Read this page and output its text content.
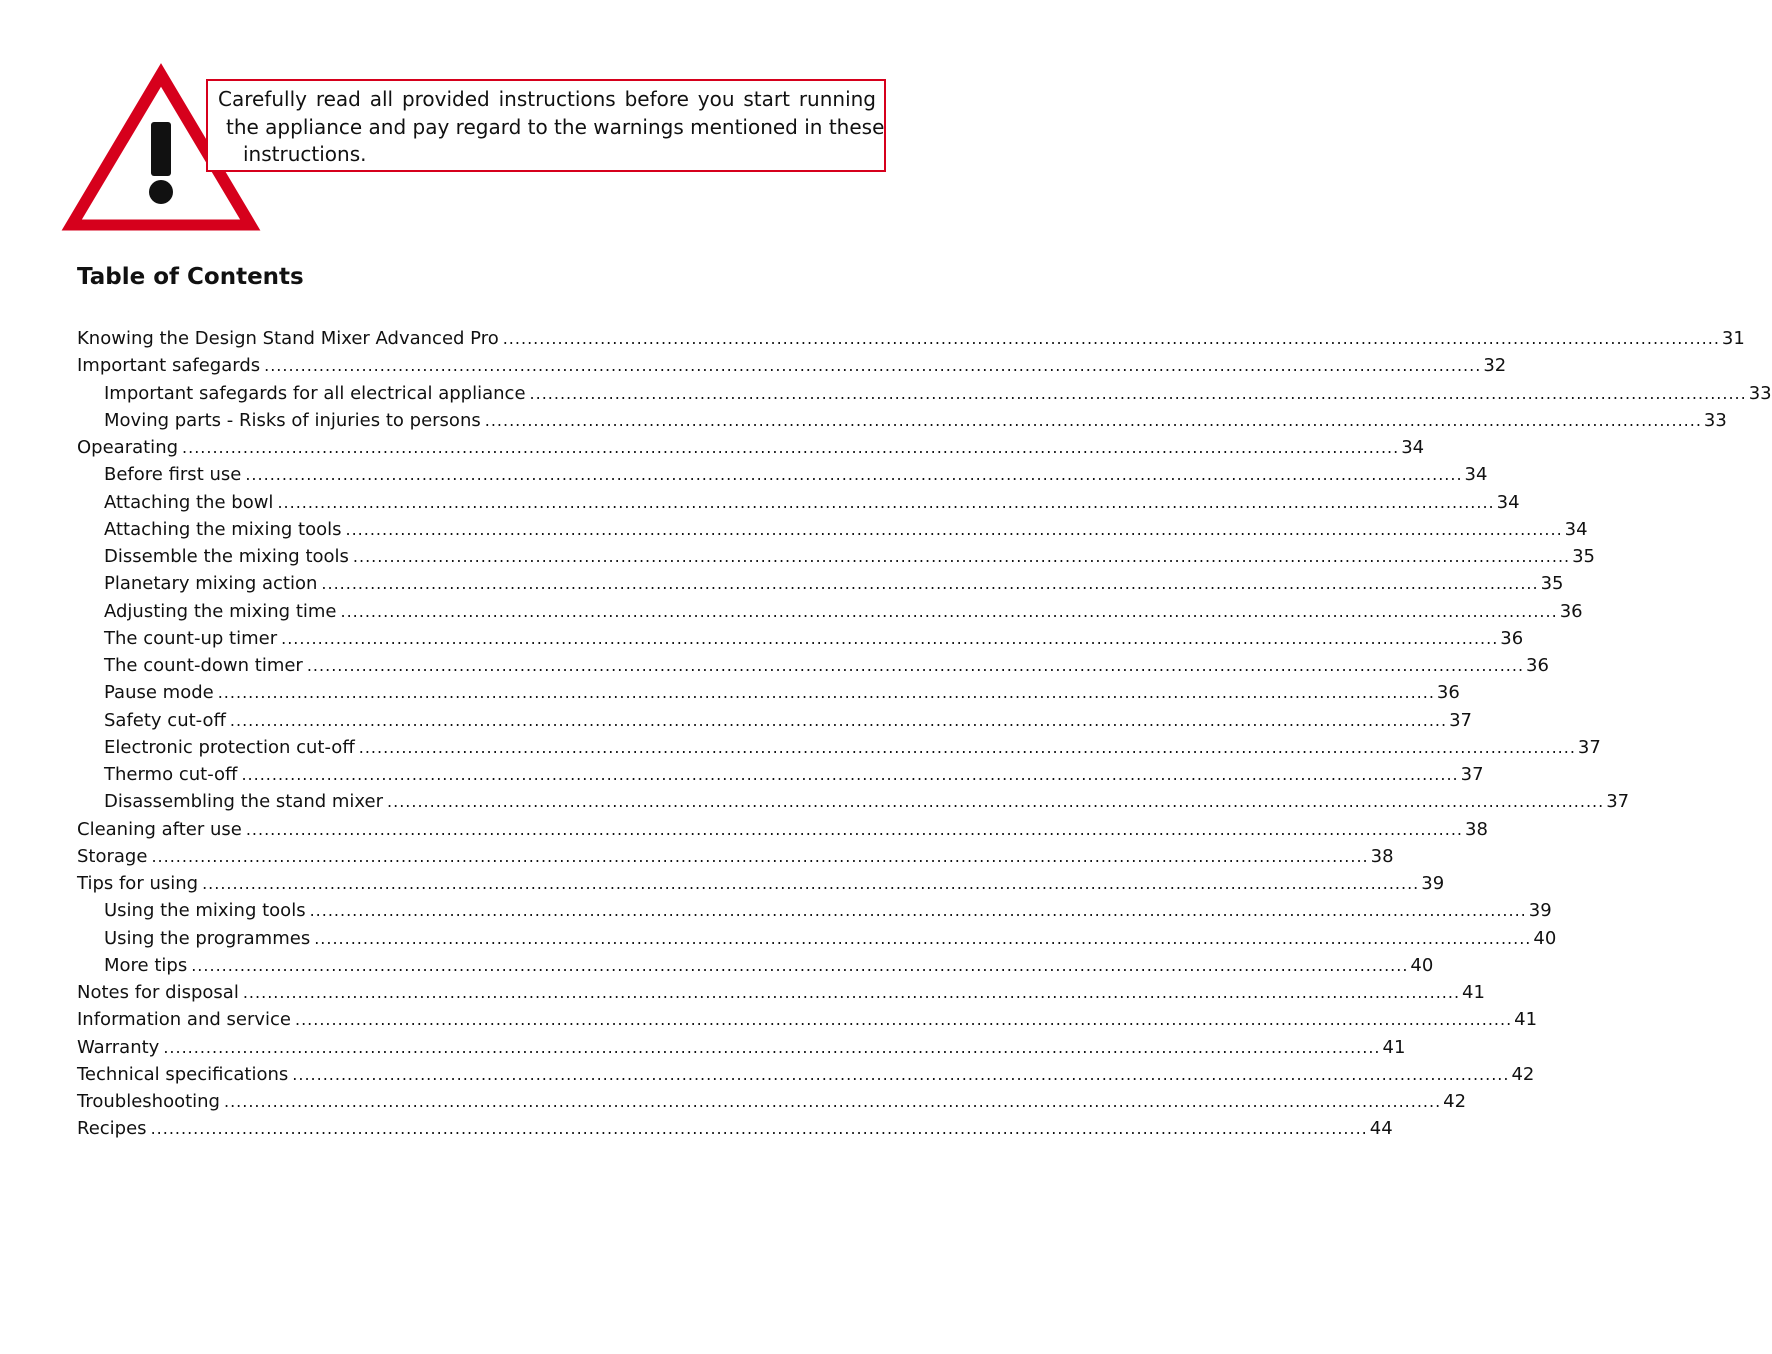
Carefully read all provided instructions before you start running
the appliance and pay regard to the warnings mentioned in these
instructions.
Table of Contents
Knowing the Design Stand Mixer Advanced Pro ........................................................................................................................................................................................................ 31
Important safegards ........................................................................................................................................................................................................ 32
Important safegards for all electrical appliance ........................................................................................................................................................................................................ 33
Moving parts - Risks of injuries to persons ........................................................................................................................................................................................................ 33
Opearating ........................................................................................................................................................................................................ 34
Before first use ........................................................................................................................................................................................................ 34
Attaching the bowl ........................................................................................................................................................................................................ 34
Attaching the mixing tools ........................................................................................................................................................................................................ 34
Dissemble the mixing tools ........................................................................................................................................................................................................ 35
Planetary mixing action ........................................................................................................................................................................................................ 35
Adjusting the mixing time ........................................................................................................................................................................................................ 36
The count-up timer ........................................................................................................................................................................................................ 36
The count-down timer ........................................................................................................................................................................................................ 36
Pause mode ........................................................................................................................................................................................................ 36
Safety cut-off ........................................................................................................................................................................................................ 37
Electronic protection cut-off ........................................................................................................................................................................................................ 37
Thermo cut-off ........................................................................................................................................................................................................ 37
Disassembling the stand mixer ........................................................................................................................................................................................................ 37
Cleaning after use ........................................................................................................................................................................................................ 38
Storage ........................................................................................................................................................................................................ 38
Tips for using ........................................................................................................................................................................................................ 39
Using the mixing tools ........................................................................................................................................................................................................ 39
Using the programmes ........................................................................................................................................................................................................ 40
More tips ........................................................................................................................................................................................................ 40
Notes for disposal ........................................................................................................................................................................................................ 41
Information and service ........................................................................................................................................................................................................ 41
Warranty ........................................................................................................................................................................................................ 41
Technical specifications ........................................................................................................................................................................................................ 42
Troubleshooting ........................................................................................................................................................................................................ 42
Recipes ........................................................................................................................................................................................................ 44
